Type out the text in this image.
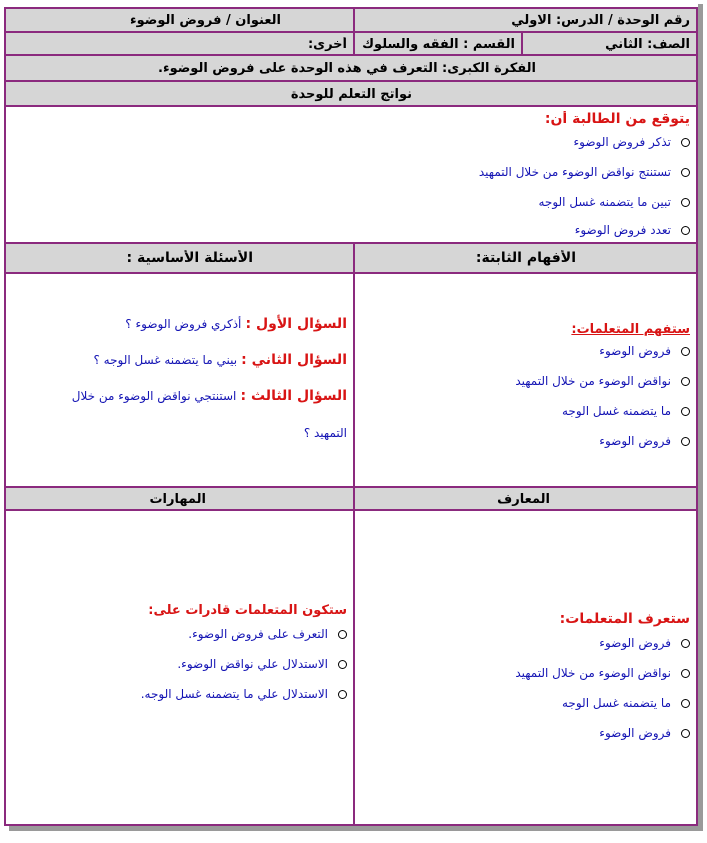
رقم الوحدة / الدرس: الاولي
العنوان / فروض الوضوء
الصف: الثاني
القسم : الفقه والسلوك
أخرى:
الفكرة الكبرى: التعرف في هذه الوحدة على فروض الوضوء.
نواتج التعلم للوحدة
يتوقع من الطالبة أن:
تذكر فروض الوضوء
تستنتج نواقض الوضوء من خلال التمهيد
تبين ما يتضمنه غسل الوجه
تعدد فروض الوضوء
الأفهام الثابتة:
الأسئلة الأساسية :
ستفهم المتعلمات:
فروض الوضوء
نواقض الوضوء من خلال التمهيد
ما يتضمنه غسل الوجه
فروض الوضوء
السؤال الأول : أذكري فروض الوضوء ؟
السؤال الثاني : بيني ما يتضمنه غسل الوجه ؟
السؤال الثالث : استنتجي نواقض الوضوء من خلال
التمهيد ؟
المعارف
المهارات
ستعرف المتعلمات:
فروض الوضوء
نواقض الوضوء من خلال التمهيد
ما يتضمنه غسل الوجه
فروض الوضوء
ستكون المتعلمات قادرات على:
التعرف على فروض الوضوء.
الاستدلال علي نواقض الوضوء.
الاستدلال علي ما يتضمنه غسل الوجه.
